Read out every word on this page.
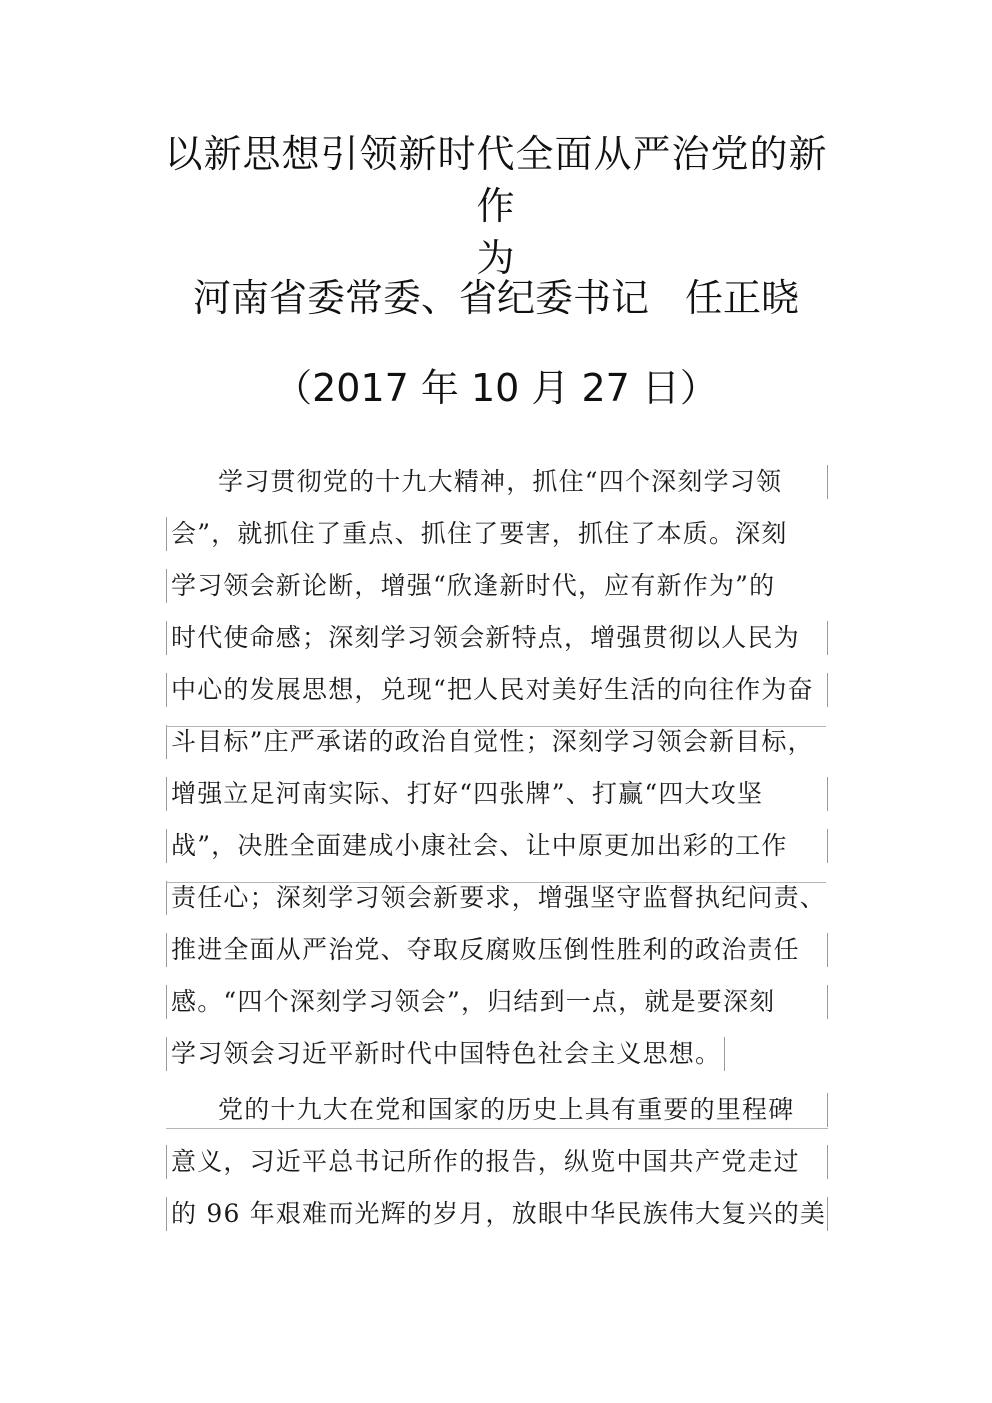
以新思想引领新时代全面从严治党的新作
为
河南省委常委、省纪委书记 任正晓
（2017 年 10 月 27 日）
学习贯彻党的十九大精神，抓住“四个深刻学习领
会”，就抓住了重点、抓住了要害，抓住了本质。深刻
学习领会新论断，增强“欣逢新时代，应有新作为”的
时代使命感；深刻学习领会新特点，增强贯彻以人民为
中心的发展思想，兑现“把人民对美好生活的向往作为奋
斗目标”庄严承诺的政治自觉性；深刻学习领会新目标，
增强立足河南实际、打好“四张牌”、打赢“四大攻坚
战”，决胜全面建成小康社会、让中原更加出彩的工作
责任心；深刻学习领会新要求，增强坚守监督执纪问责、
推进全面从严治党、夺取反腐败压倒性胜利的政治责任
感。“四个深刻学习领会”，归结到一点，就是要深刻
学习领会习近平新时代中国特色社会主义思想。
党的十九大在党和国家的历史上具有重要的里程碑
意义，习近平总书记所作的报告，纵览中国共产党走过
的 96 年艰难而光辉的岁月，放眼中华民族伟大复兴的美
